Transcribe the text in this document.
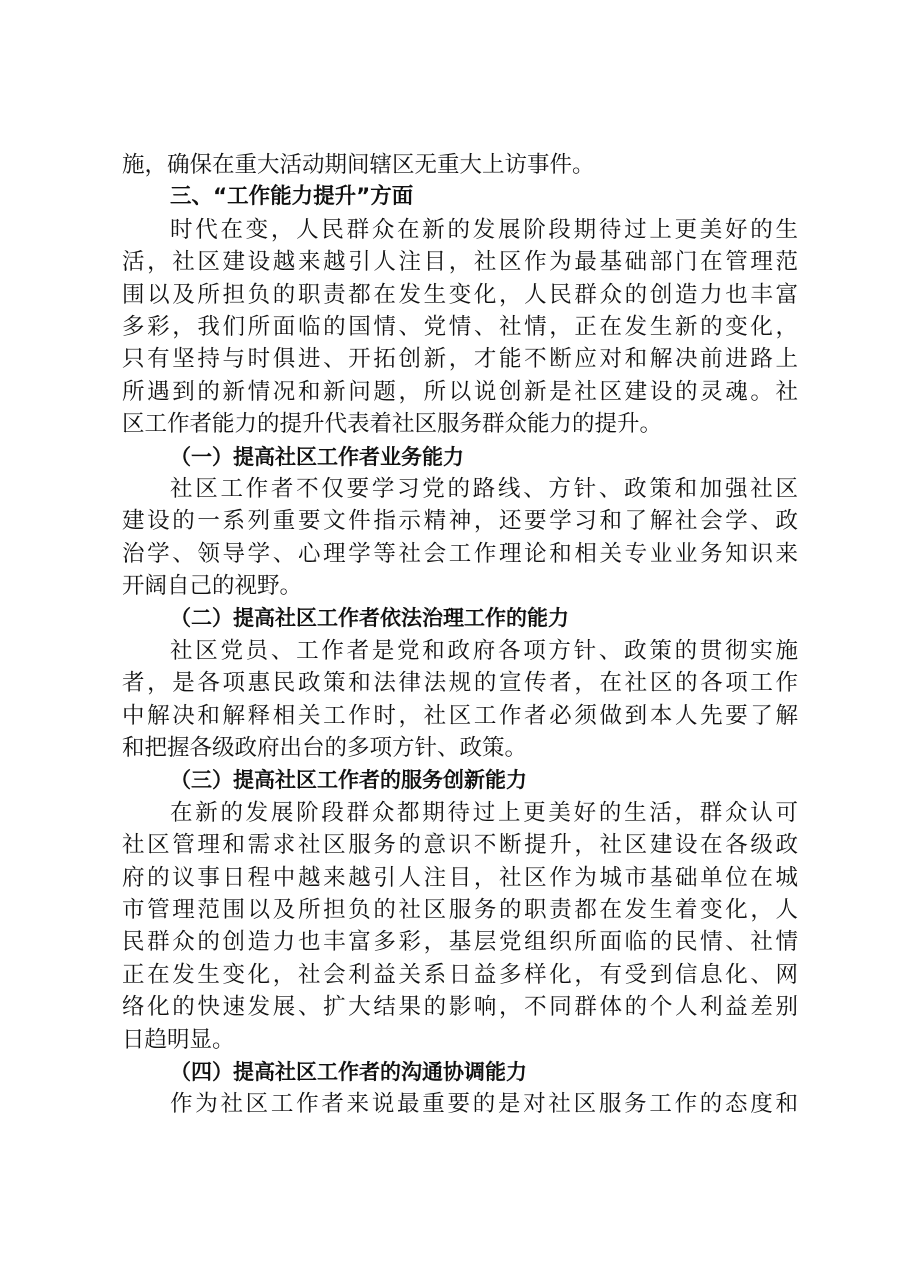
施，确保在重大活动期间辖区无重大上访事件。
三、“工作能力提升”方面
时代在变，人民群众在新的发展阶段期待过上更美好的生
活，社区建设越来越引人注目，社区作为最基础部门在管理范
围以及所担负的职责都在发生变化，人民群众的创造力也丰富
多彩，我们所面临的国情、党情、社情，正在发生新的变化，
只有坚持与时俱进、开拓创新，才能不断应对和解决前进路上
所遇到的新情况和新问题，所以说创新是社区建设的灵魂。社
区工作者能力的提升代表着社区服务群众能力的提升。
（一）提高社区工作者业务能力
社区工作者不仅要学习党的路线、方针、政策和加强社区
建设的一系列重要文件指示精神，还要学习和了解社会学、政
治学、领导学、心理学等社会工作理论和相关专业业务知识来
开阔自己的视野。
（二）提高社区工作者依法治理工作的能力
社区党员、工作者是党和政府各项方针、政策的贯彻实施
者，是各项惠民政策和法律法规的宣传者，在社区的各项工作
中解决和解释相关工作时，社区工作者必须做到本人先要了解
和把握各级政府出台的多项方针、政策。
（三）提高社区工作者的服务创新能力
在新的发展阶段群众都期待过上更美好的生活，群众认可
社区管理和需求社区服务的意识不断提升，社区建设在各级政
府的议事日程中越来越引人注目，社区作为城市基础单位在城
市管理范围以及所担负的社区服务的职责都在发生着变化，人
民群众的创造力也丰富多彩，基层党组织所面临的民情、社情
正在发生变化，社会利益关系日益多样化，有受到信息化、网
络化的快速发展、扩大结果的影响，不同群体的个人利益差别
日趋明显。
（四）提高社区工作者的沟通协调能力
作为社区工作者来说最重要的是对社区服务工作的态度和
